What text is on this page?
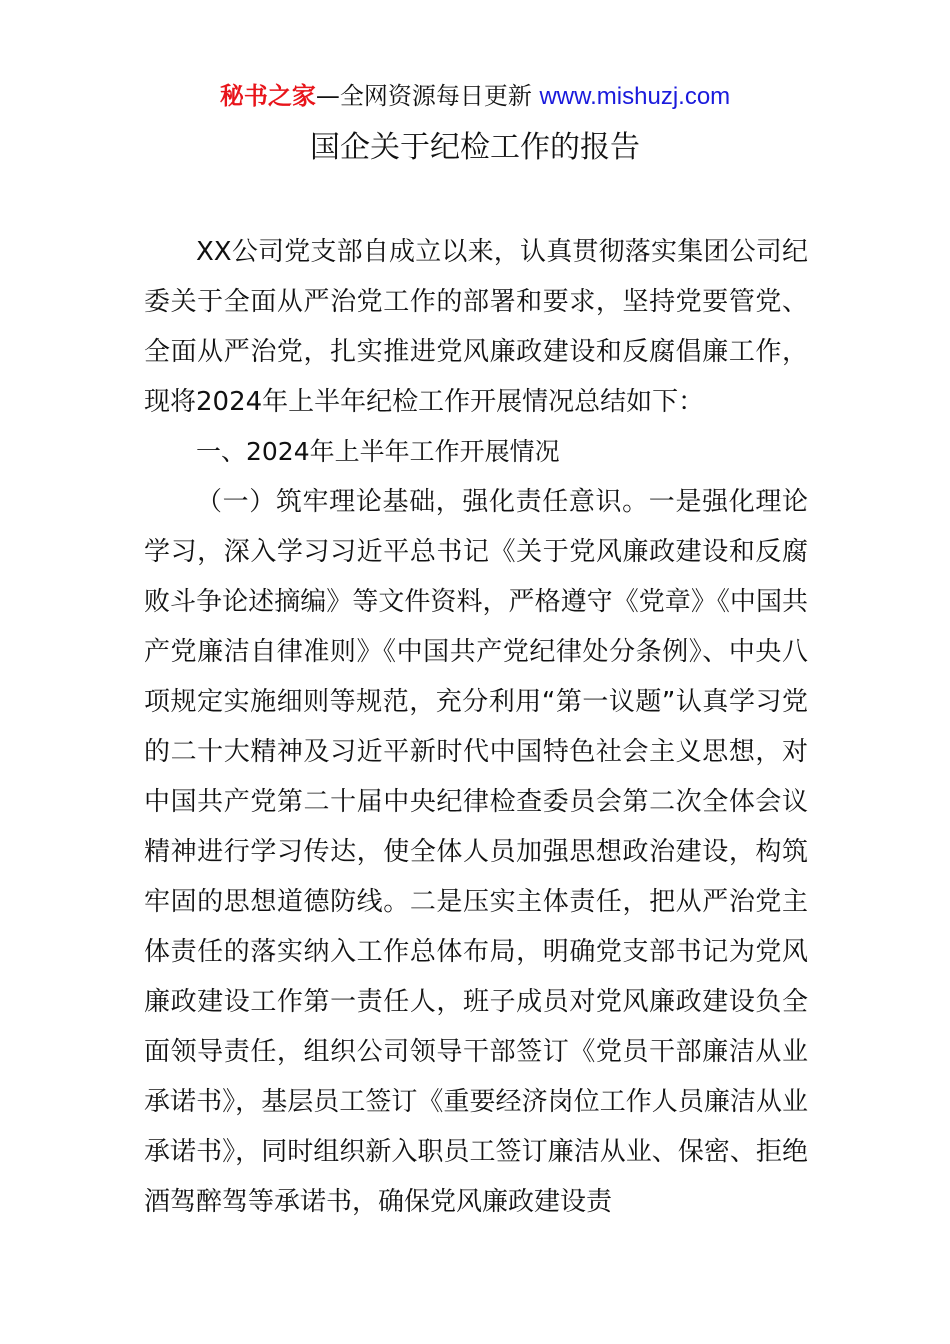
秘书之家—全网资源每日更新 www.mishuzj.com
国企关于纪检工作的报告

XX公司党支部自成立以来，认真贯彻落实集团公司纪委关于全面从严治党工作的部署和要求，坚持党要管党、全面从严治党，扎实推进党风廉政建设和反腐倡廉工作，现将2024年上半年纪检工作开展情况总结如下：

一、2024年上半年工作开展情况

（一）筑牢理论基础，强化责任意识。一是强化理论学习，深入学习习近平总书记《关于党风廉政建设和反腐败斗争论述摘编》等文件资料，严格遵守《党章》《中国共产党廉洁自律准则》《中国共产党纪律处分条例》、中央八项规定实施细则等规范，充分利用“第一议题”认真学习党的二十大精神及习近平新时代中国特色社会主义思想，对中国共产党第二十届中央纪律检查委员会第二次全体会议精神进行学习传达，使全体人员加强思想政治建设，构筑牢固的思想道德防线。二是压实主体责任，把从严治党主体责任的落实纳入工作总体布局，明确党支部书记为党风廉政建设工作第一责任人，班子成员对党风廉政建设负全面领导责任，组织公司领导干部签订《党员干部廉洁从业承诺书》，基层员工签订《重要经济岗位工作人员廉洁从业承诺书》，同时组织新入职员工签订廉洁从业、保密、拒绝酒驾醉驾等承诺书，确保党风廉政建设责
